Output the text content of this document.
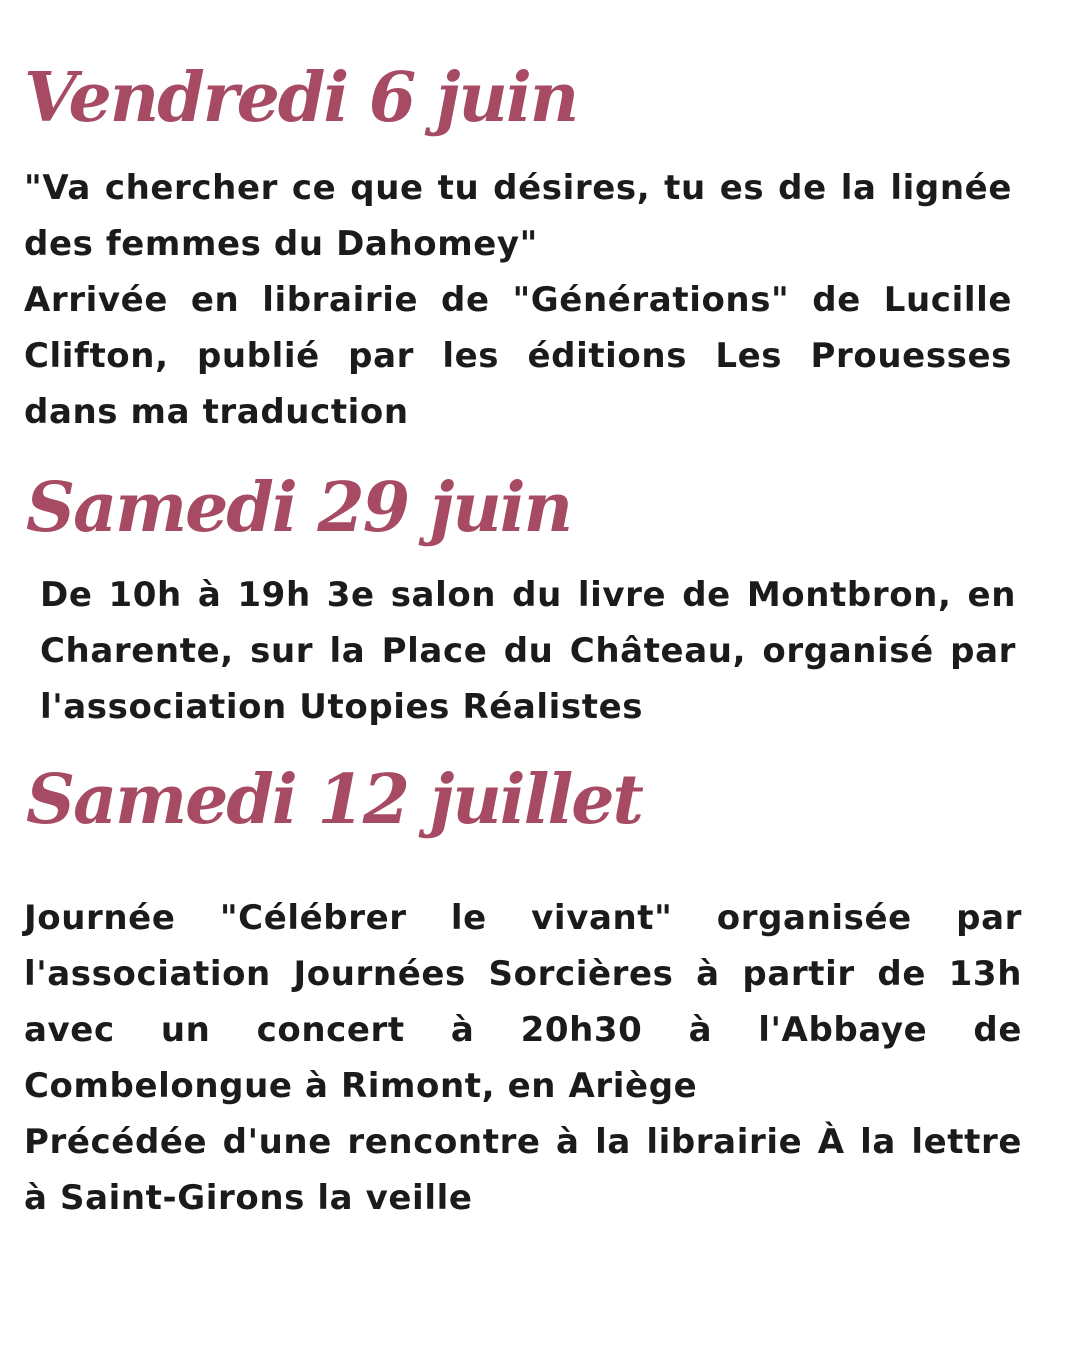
Vendredi 6 juin

"Va chercher ce que tu désires, tu es de la lignée des femmes du Dahomey"

Arrivée en librairie de "Générations" de Lucille Clifton, publié par les éditions Les Prouesses dans ma traduction

Samedi 29 juin

De 10h à 19h 3e salon du livre de Montbron, en Charente, sur la Place du Château, organisé par l'association Utopies Réalistes

Samedi 12 juillet

Journée "Célébrer le vivant" organisée par l'association Journées Sorcières à partir de 13h avec un concert à 20h30 à l'Abbaye de Combelongue à Rimont, en Ariège

Précédée d'une rencontre à la librairie À la lettre à Saint-Girons la veille
